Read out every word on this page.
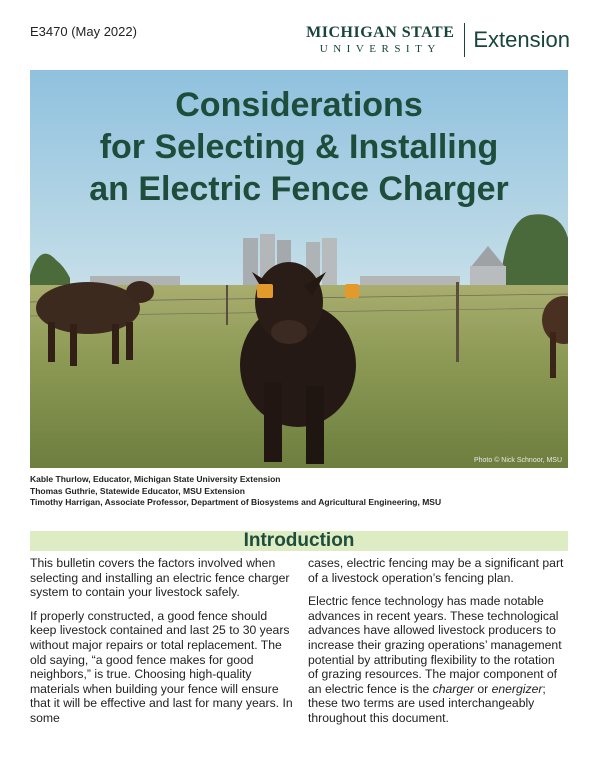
E3470 (May 2022)	MICHIGAN STATE
UNIVERSITY	Extension
Considerations
for Selecting & Installing
an Electric Fence Charger
Photo © Nick Schnoor, MSU
Kable Thurlow, Educator, Michigan State University Extension
Thomas Guthrie, Statewide Educator, MSU Extension
Timothy Harrigan, Associate Professor, Department of Biosystems and Agricultural Engineering, MSU
Introduction

This bulletin covers the factors involved when selecting and installing an electric fence charger system to contain your livestock safely.

If properly constructed, a good fence should keep livestock contained and last 25 to 30 years without major repairs or total replacement. The old saying, “a good fence makes for good neighbors,” is true. Choosing high-quality materials when building your fence will ensure that it will be effective and last for many years. In some

cases, electric fencing may be a significant part of a livestock operation’s fencing plan.

Electric fence technology has made notable advances in recent years. These technological advances have allowed livestock producers to increase their grazing operations’ management potential by attributing flexibility to the rotation of grazing resources. The major component of an electric fence is the charger or energizer; these two terms are used interchangeably throughout this document.
